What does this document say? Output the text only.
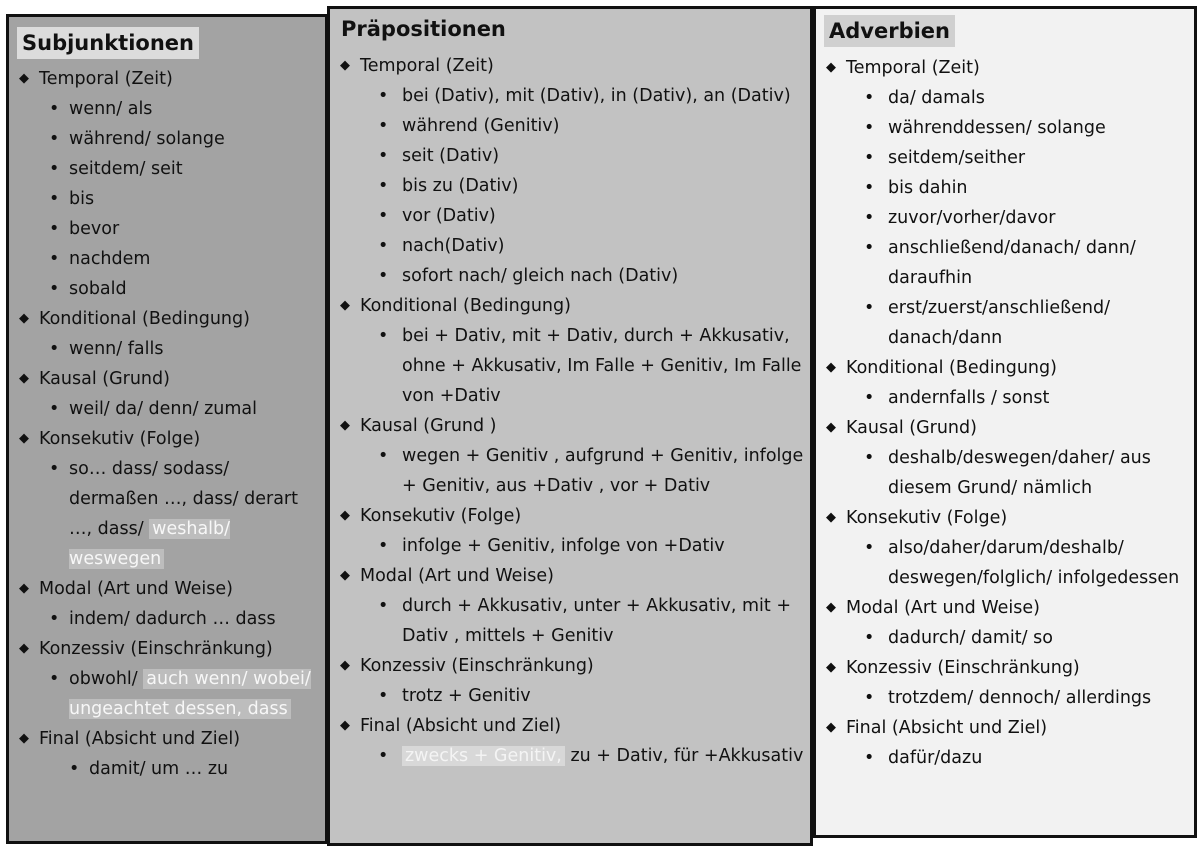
Subjunktionen
◆ Temporal (Zeit)
• wenn/ als
• während/ solange
• seitdem/ seit
• bis
• bevor
• nachdem
• sobald
◆ Konditional (Bedingung)
• wenn/ falls
◆ Kausal (Grund)
• weil/ da/ denn/ zumal
◆ Konsekutiv (Folge)
• so… dass/ sodass/ dermaßen …, dass/ derart …, dass/ weshalb/ weswegen
◆ Modal (Art und Weise)
• indem/ dadurch … dass
◆ Konzessiv (Einschränkung)
• obwohl/ auch wenn/ wobei/ ungeachtet dessen, dass
◆ Final (Absicht und Ziel)
• damit/ um … zu
Präpositionen
◆ Temporal (Zeit)
• bei (Dativ), mit (Dativ), in (Dativ), an (Dativ)
• während (Genitiv)
• seit (Dativ)
• bis zu (Dativ)
• vor (Dativ)
• nach(Dativ)
• sofort nach/ gleich nach (Dativ)
◆ Konditional (Bedingung)
• bei + Dativ, mit + Dativ, durch + Akkusativ, ohne + Akkusativ, Im Falle + Genitiv, Im Falle von +Dativ
◆ Kausal (Grund )
• wegen + Genitiv , aufgrund + Genitiv, infolge + Genitiv, aus +Dativ , vor + Dativ
◆ Konsekutiv (Folge)
• infolge + Genitiv, infolge von +Dativ
◆ Modal (Art und Weise)
• durch + Akkusativ, unter + Akkusativ, mit + Dativ , mittels + Genitiv
◆ Konzessiv (Einschränkung)
• trotz + Genitiv
◆ Final (Absicht und Ziel)
• zwecks + Genitiv, zu + Dativ, für +Akkusativ
Adverbien
◆ Temporal (Zeit)
• da/ damals
• währenddessen/ solange
• seitdem/seither
• bis dahin
• zuvor/vorher/davor
• anschließend/danach/ dann/ daraufhin
• erst/zuerst/anschließend/ danach/dann
◆ Konditional (Bedingung)
• andernfalls / sonst
◆ Kausal (Grund)
• deshalb/deswegen/daher/ aus diesem Grund/ nämlich
◆ Konsekutiv (Folge)
• also/daher/darum/deshalb/ deswegen/folglich/ infolgedessen
◆ Modal (Art und Weise)
• dadurch/ damit/ so
◆ Konzessiv (Einschränkung)
• trotzdem/ dennoch/ allerdings
◆ Final (Absicht und Ziel)
• dafür/dazu
